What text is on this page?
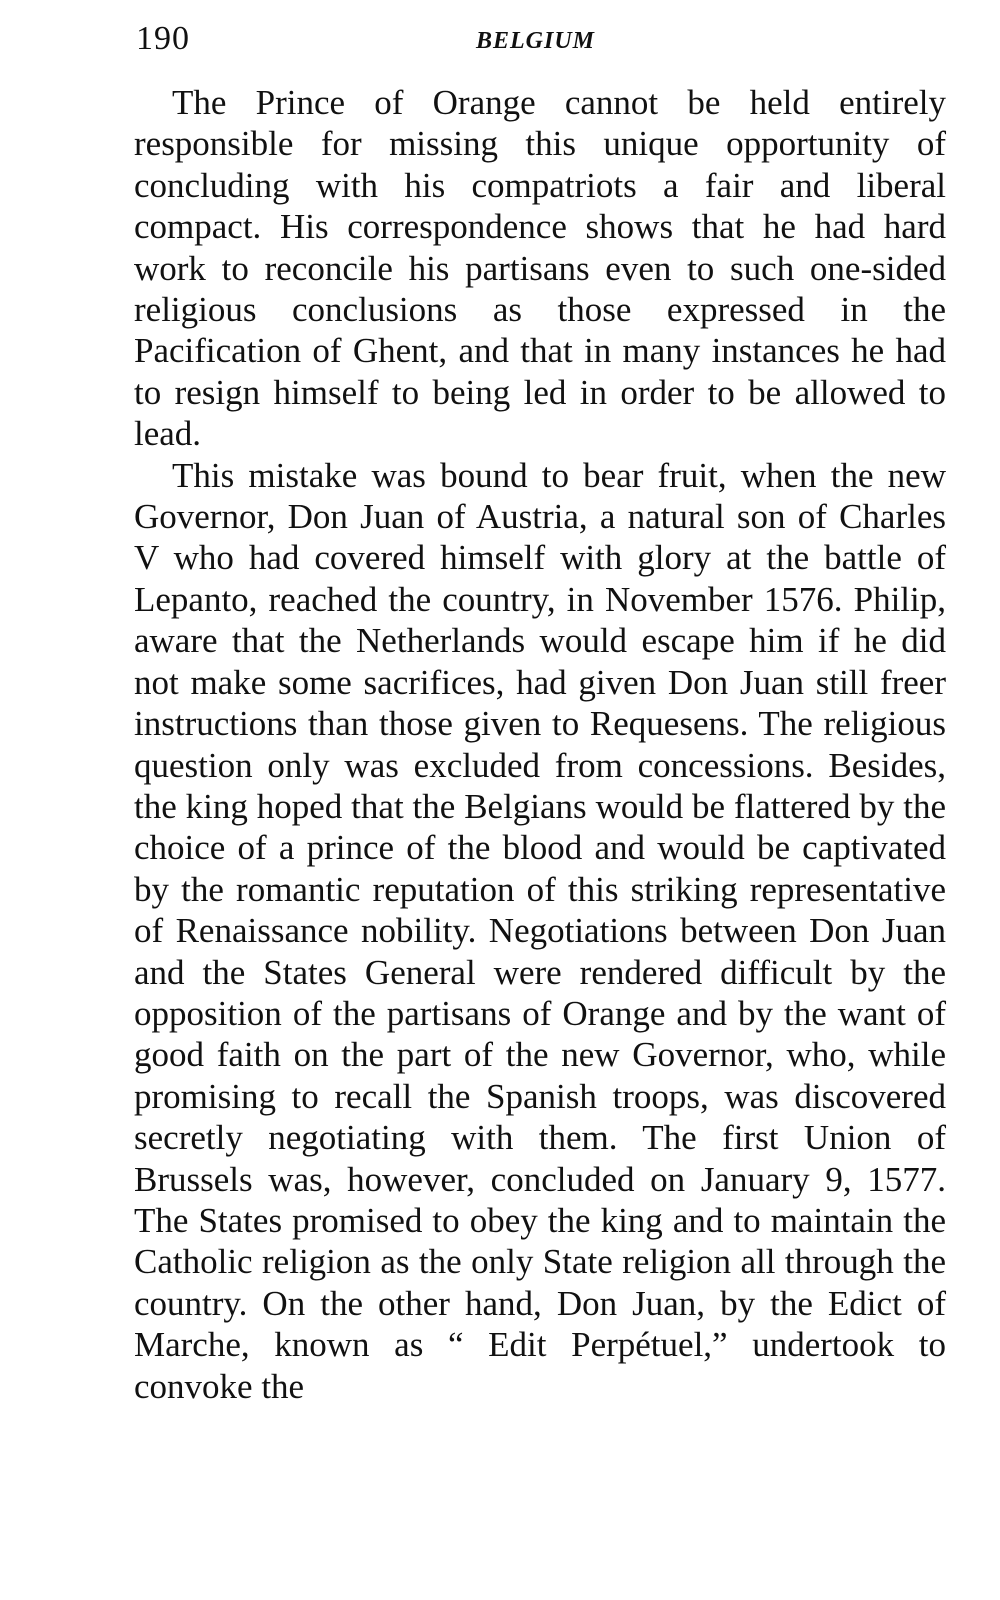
190	BELGIUM

The Prince of Orange cannot be held entirely responsible for missing this unique opportunity of concluding with his compatriots a fair and liberal compact. His correspondence shows that he had hard work to reconcile his partisans even to such one-sided religious conclusions as those expressed in the Pacification of Ghent, and that in many instances he had to resign himself to being led in order to be allowed to lead.

This mistake was bound to bear fruit, when the new Governor, Don Juan of Austria, a natural son of Charles V who had covered himself with glory at the battle of Lepanto, reached the country, in November 1576. Philip, aware that the Netherlands would escape him if he did not make some sacrifices, had given Don Juan still freer instructions than those given to Requesens. The religious question only was excluded from concessions. Besides, the king hoped that the Belgians would be flattered by the choice of a prince of the blood and would be captivated by the romantic reputation of this striking representative of Renaissance nobility. Negotiations between Don Juan and the States General were rendered difficult by the opposition of the partisans of Orange and by the want of good faith on the part of the new Governor, who, while promising to recall the Spanish troops, was discovered secretly negotiating with them. The first Union of Brussels was, however, concluded on January 9, 1577. The States promised to obey the king and to maintain the Catholic religion as the only State religion all through the country. On the other hand, Don Juan, by the Edict of Marche, known as “ Edit Perpétuel,” undertook to convoke the
